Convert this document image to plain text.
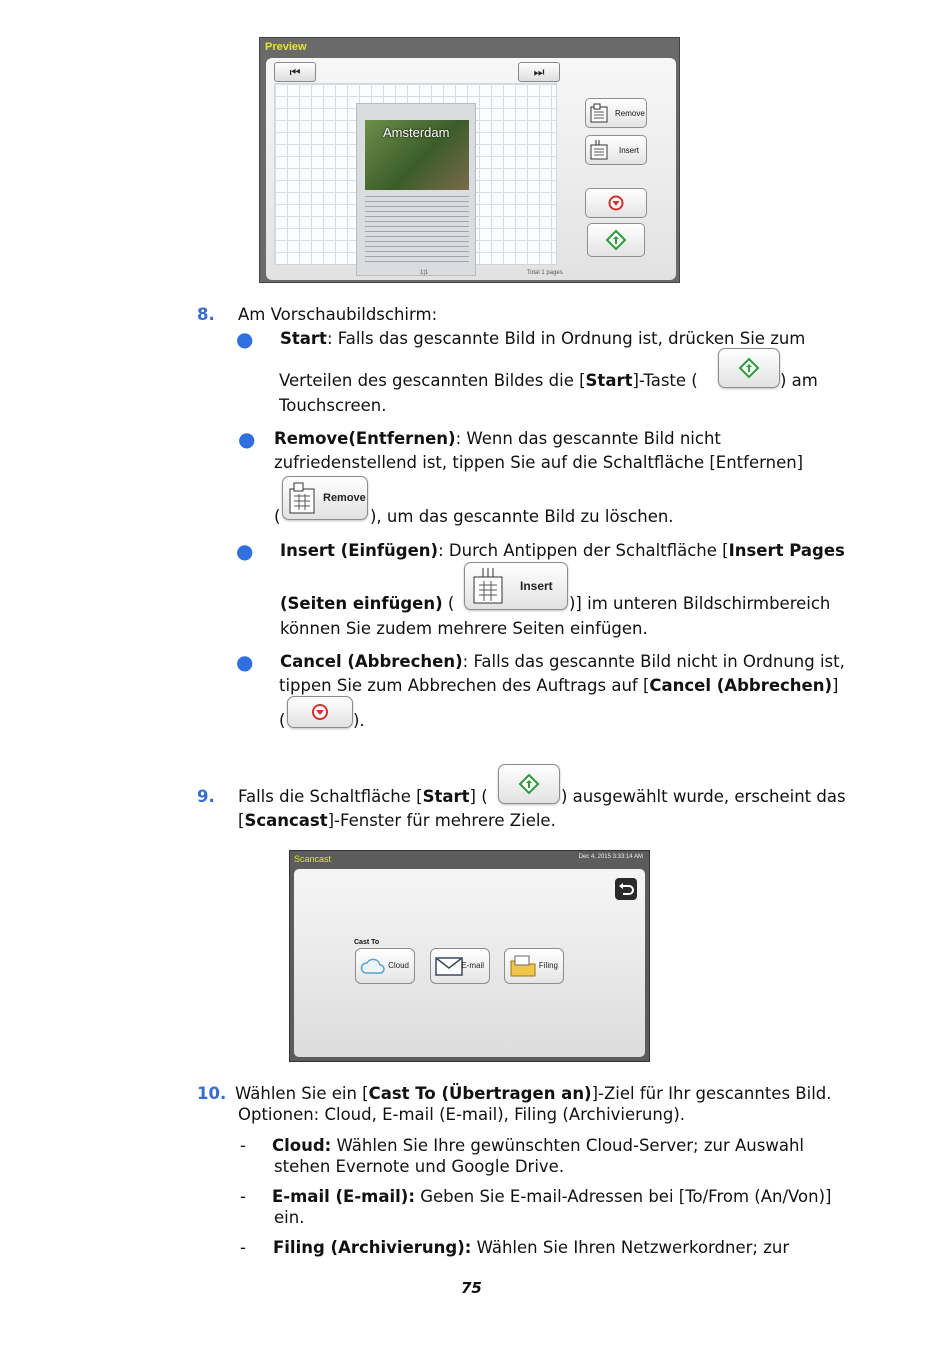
Preview
⏮	⏭
Amsterdam
1|1	Total 1 pages
Remove
Insert
8. Am Vorschaubildschirm:
● Start: Falls das gescannte Bild in Ordnung ist, drücken Sie zum
Verteilen des gescannten Bildes die [Start]-Taste (	) am
Touchscreen.
● Remove(Entfernen): Wenn das gescannte Bild nicht
zufriedenstellend ist, tippen Sie auf die Schaltfläche [Entfernen]
(
Remove
), um das gescannte Bild zu löschen.
● Insert (Einfügen): Durch Antippen der Schaltfläche [Insert Pages
(Seiten einfügen) (
Insert
)] im unteren Bildschirmbereich
können Sie zudem mehrere Seiten einfügen.
● Cancel (Abbrechen): Falls das gescannte Bild nicht in Ordnung ist,
tippen Sie zum Abbrechen des Auftrags auf [Cancel (Abbrechen)]
(	).
9. Falls die Schaltfläche [Start] (	) ausgewählt wurde, erscheint das
[Scancast]-Fenster für mehrere Ziele.
Scancast	Dec 4, 2015 3:33:14 AM
Cast To
Cloud	E-mail	Filing
10. Wählen Sie ein [Cast To (Übertragen an)]-Ziel für Ihr gescanntes Bild.
Optionen: Cloud, E-mail (E-mail), Filing (Archivierung).
- Cloud: Wählen Sie Ihre gewünschten Cloud-Server; zur Auswahl
stehen Evernote und Google Drive.
- E-mail (E-mail): Geben Sie E-mail-Adressen bei [To/From (An/Von)]
ein.
- Filing (Archivierung): Wählen Sie Ihren Netzwerkordner; zur
75
